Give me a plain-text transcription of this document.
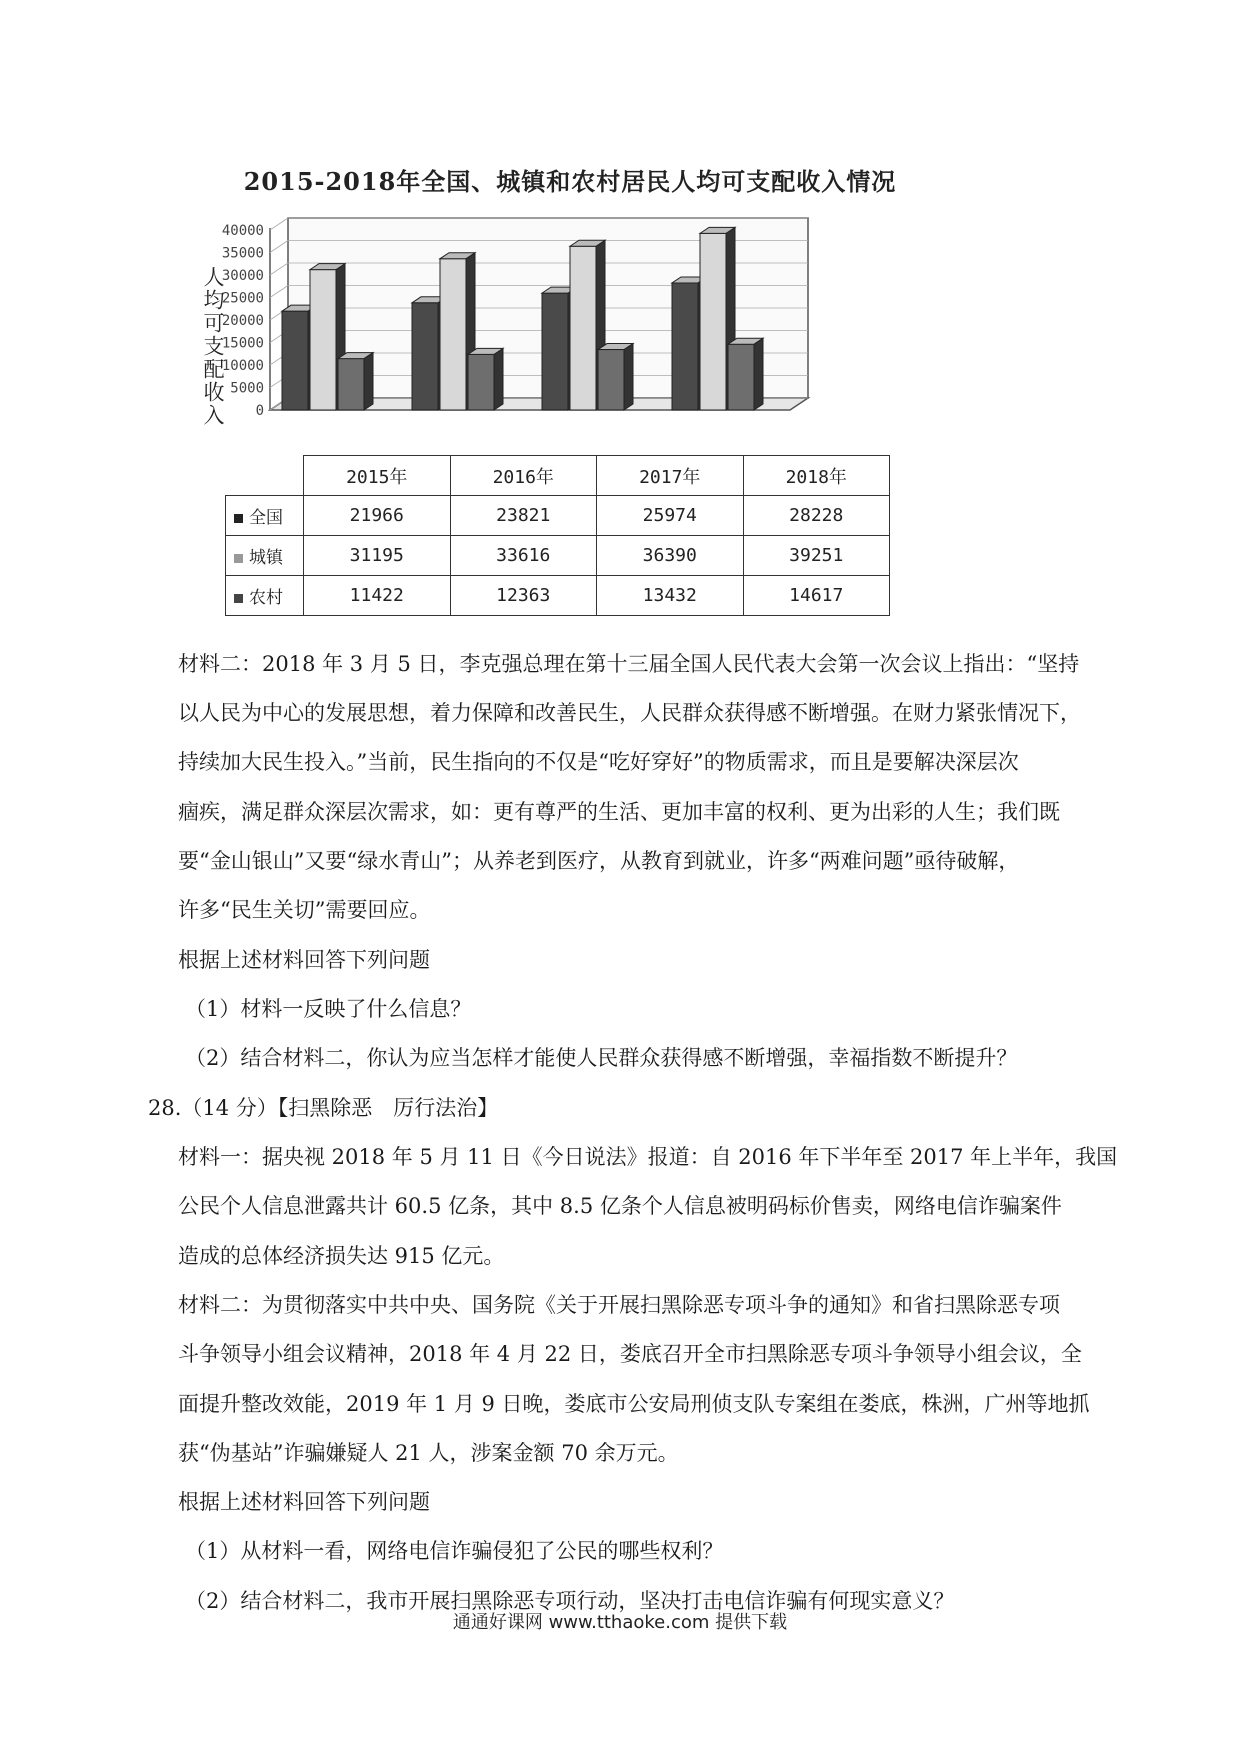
2015-2018年全国、城镇和农村居民人均可支配收入情况
人均可支配收入
40000
35000
30000
25000
20000
15000
10000
5000
0
	2015年	2016年	2017年	2018年
全国	21966	23821	25974	28228
城镇	31195	33616	36390	39251
农村	11422	12363	13432	14617
材料二：2018 年 3 月 5 日，李克强总理在第十三届全国人民代表大会第一次会议上指出：“坚持
以人民为中心的发展思想，着力保障和改善民生，人民群众获得感不断增强。在财力紧张情况下，
持续加大民生投入。”当前，民生指向的不仅是“吃好穿好”的物质需求，而且是要解决深层次
痼疾，满足群众深层次需求，如：更有尊严的生活、更加丰富的权利、更为出彩的人生；我们既
要“金山银山”又要“绿水青山”；从养老到医疗，从教育到就业，许多“两难问题”亟待破解，
许多“民生关切”需要回应。
根据上述材料回答下列问题
（1）材料一反映了什么信息？
（2）结合材料二，你认为应当怎样才能使人民群众获得感不断增强，幸福指数不断提升？
28.（14 分）【扫黑除恶　厉行法治】
材料一：据央视 2018 年 5 月 11 日《今日说法》报道：自 2016 年下半年至 2017 年上半年，我国
公民个人信息泄露共计 60.5 亿条，其中 8.5 亿条个人信息被明码标价售卖，网络电信诈骗案件
造成的总体经济损失达 915 亿元。
材料二：为贯彻落实中共中央、国务院《关于开展扫黑除恶专项斗争的通知》和省扫黑除恶专项
斗争领导小组会议精神，2018 年 4 月 22 日，娄底召开全市扫黑除恶专项斗争领导小组会议，全
面提升整改效能，2019 年 1 月 9 日晚，娄底市公安局刑侦支队专案组在娄底，株洲，广州等地抓
获“伪基站”诈骗嫌疑人 21 人，涉案金额 70 余万元。
根据上述材料回答下列问题
（1）从材料一看，网络电信诈骗侵犯了公民的哪些权利？
（2）结合材料二，我市开展扫黑除恶专项行动，坚决打击电信诈骗有何现实意义？
通通好课网 www.tthaoke.com 提供下载
